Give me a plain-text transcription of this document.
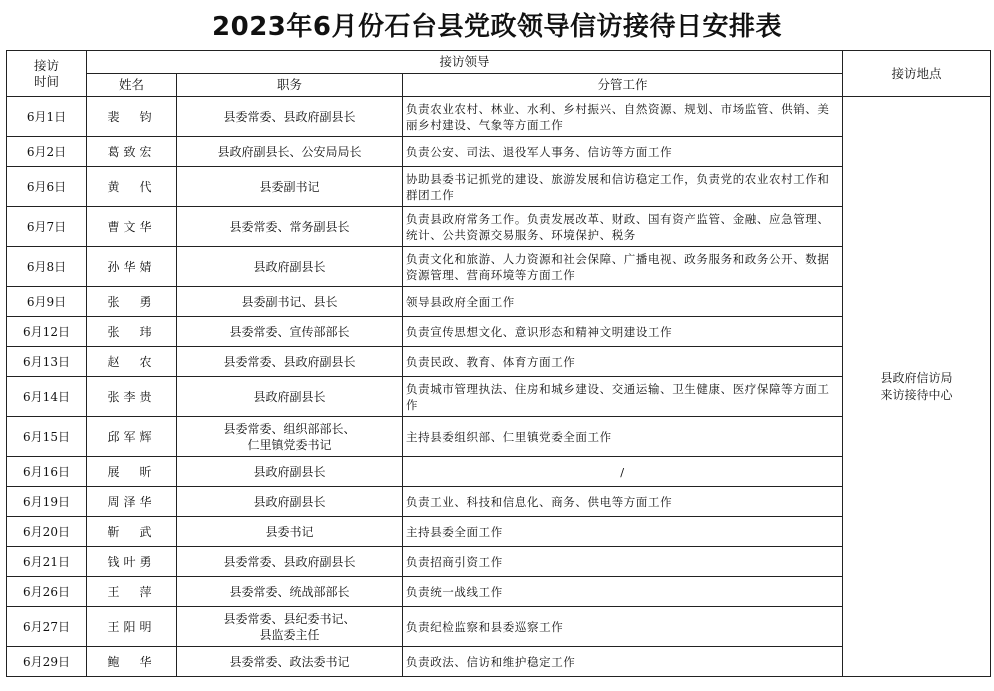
2023年6月份石台县党政领导信访接待日安排表
接访
时间	接访领导			接访地点
	姓名	职务	分管工作	
6月1日	裴　钧	县委常委、县政府副县长	负责农业农村、林业、水利、乡村振兴、自然资源、规划、市场监管、供销、美丽乡村建设、气象等方面工作	县政府信访局
来访接待中心
6月2日	葛致宏	县政府副县长、公安局局长	负责公安、司法、退役军人事务、信访等方面工作	
6月6日	黄　代	县委副书记	协助县委书记抓党的建设、旅游发展和信访稳定工作，负责党的农业农村工作和群团工作	
6月7日	曹文华	县委常委、常务副县长	负责县政府常务工作。负责发展改革、财政、国有资产监管、金融、应急管理、统计、公共资源交易服务、环境保护、税务	
6月8日	孙华婧	县政府副县长	负责文化和旅游、人力资源和社会保障、广播电视、政务服务和政务公开、数据资源管理、营商环境等方面工作	
6月9日	张　勇	县委副书记、县长	领导县政府全面工作	
6月12日	张　玮	县委常委、宣传部部长	负责宣传思想文化、意识形态和精神文明建设工作	
6月13日	赵　农	县委常委、县政府副县长	负责民政、教育、体育方面工作	
6月14日	张李贵	县政府副县长	负责城市管理执法、住房和城乡建设、交通运输、卫生健康、医疗保障等方面工作	
6月15日	邱军辉	县委常委、组织部部长、
仁里镇党委书记	主持县委组织部、仁里镇党委全面工作	
6月16日	展　昕	县政府副县长	/	
6月19日	周泽华	县政府副县长	负责工业、科技和信息化、商务、供电等方面工作	
6月20日	靳　武	县委书记	主持县委全面工作	
6月21日	钱叶勇	县委常委、县政府副县长	负责招商引资工作	
6月26日	王　萍	县委常委、统战部部长	负责统一战线工作	
6月27日	王阳明	县委常委、县纪委书记、
县监委主任	负责纪检监察和县委巡察工作	
6月29日	鲍　华	县委常委、政法委书记	负责政法、信访和维护稳定工作	
